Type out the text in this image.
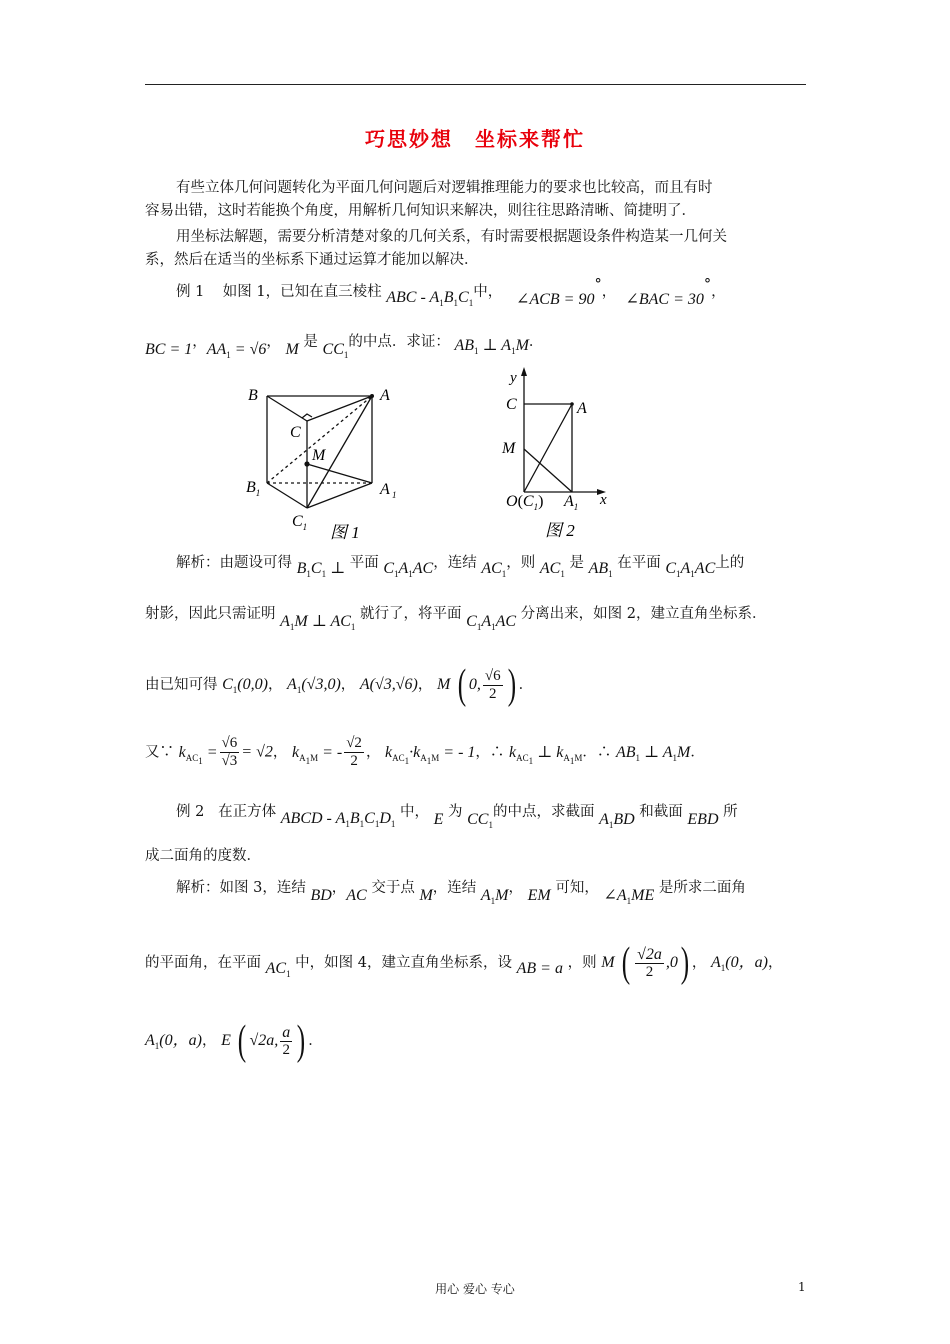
巧思妙想　坐标来帮忙
有些立体几何问题转化为平面几何问题后对逻辑推理能力的要求也比较高，而且有时
容易出错，这时若能换个角度，用解析几何知识来解决，则往往思路清晰、简捷明了．
用坐标法解题，需要分析清楚对象的几何关系，有时需要根据题设条件构造某一几何关
系，然后在适当的坐标系下通过运算才能加以解决．
例 1 如图 1，已知在直三棱柱 ABC - $A_1B_1C_1$中， ∠ACB = 90°，  ∠BAC = 30°，
BC = 1，$AA_1 = √6$， M 是 $CC_1$的中点．求证： $AB_1$ ⊥ $A_1M$．
B	A
C
M
$B_1$	A $_1$
$C_1$ 图 1
y
C	A
M
$O(C_1)$ $A_1$ x
图 2
解析：由题设可得 $B_1C_1$ ⊥ 平面 $C_1A_1AC$，连结 $AC_1$，则 $AC_1$ 是 $AB_1$ 在平面 $C_1A_1AC$上的
射影，因此只需证明 $A_1M$ ⊥ $AC_1$ 就行了，将平面 $C_1A_1AC$ 分离出来，如图 2，建立直角坐标系．
由已知可得 $C_1(0,0)$， $A_1(√3,0)$， A(√3,√6)， M ( 0, $\frac{√6}{2}$ ) ．
又∵ $k_{AC_1} = \frac{√6}{√3} = √2$， $k_{A_1M}$ = - $\frac{√2}{2}$ ， $k_{AC_1}\cdot k_{A_1M}$ = - 1，∴ $k_{AC_1}$ ⊥ $k_{A_1M}$．∴ $AB_1$ ⊥ $A_1M$．
例 2 在正方体 ABCD - $A_1B_1C_1D_1$ 中， E 为 $CC_1$的中点，求截面 $A_1BD$ 和截面 EBD 所
成二面角的度数．
解析：如图 3，连结 BD，AC 交于点 M，连结 $A_1M$， EM 可知， $\angle A_1ME$ 是所求二面角
的平面角，在平面 $AC_1$ 中，如图 4，建立直角坐标系，设 AB = a ，则 M ( $\frac{√2a}{2} ,0$) ， $A_1(0$，a)，
$A_1(0$，a)， E ( √2a, $\frac{a}{2}$ ) ．
用心 爱心 专心	1
